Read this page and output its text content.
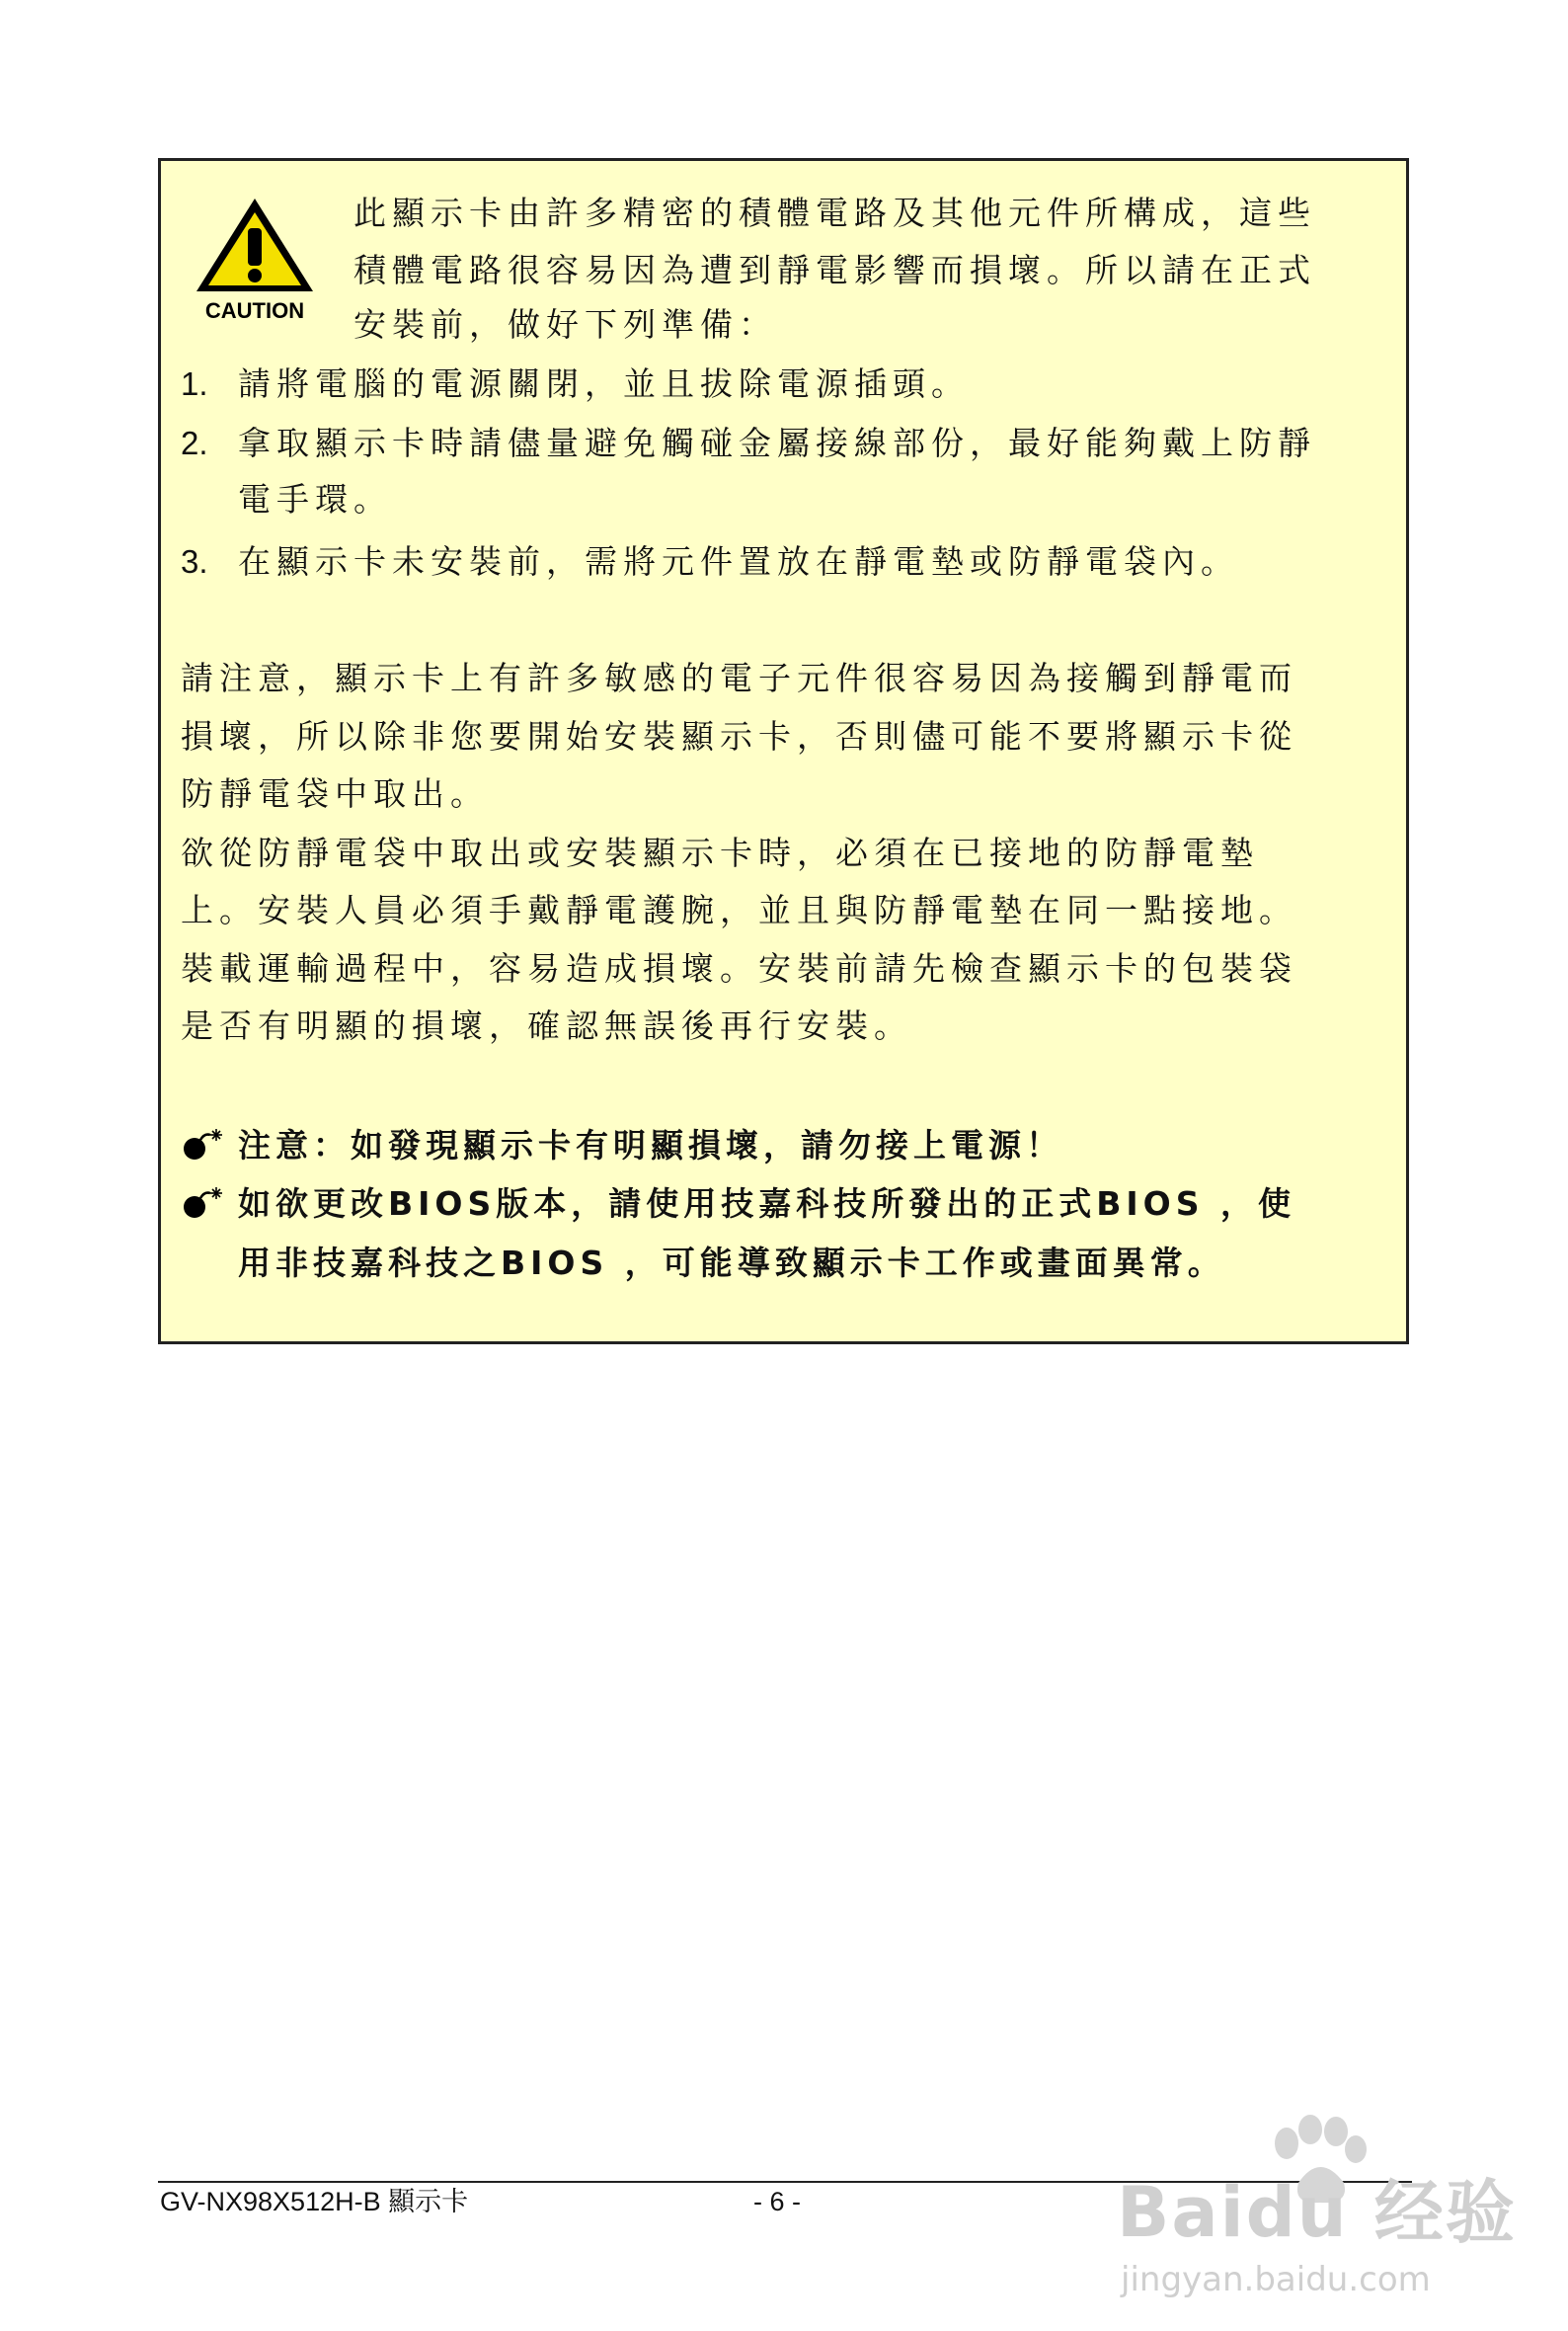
CAUTION
此顯示卡由許多精密的積體電路及其他元件所構成，這些
積體電路很容易因為遭到靜電影響而損壞。所以請在正式
安裝前，做好下列準備：
1. 請將電腦的電源關閉，並且拔除電源插頭。
2. 拿取顯示卡時請儘量避免觸碰金屬接線部份，最好能夠戴上防靜
電手環。
3. 在顯示卡未安裝前，需將元件置放在靜電墊或防靜電袋內。
請注意，顯示卡上有許多敏感的電子元件很容易因為接觸到靜電而
損壞，所以除非您要開始安裝顯示卡，否則儘可能不要將顯示卡從
防靜電袋中取出。
欲從防靜電袋中取出或安裝顯示卡時，必須在已接地的防靜電墊
上。安裝人員必須手戴靜電護腕，並且與防靜電墊在同一點接地。
裝載運輸過程中，容易造成損壞。安裝前請先檢查顯示卡的包裝袋
是否有明顯的損壞，確認無誤後再行安裝。
注意：如發現顯示卡有明顯損壞，請勿接上電源！
如欲更改BIOS版本，請使用技嘉科技所發出的正式BIOS ，使
用非技嘉科技之BIOS ，可能導致顯示卡工作或畫面異常。
GV-NX98X512H-B 顯示卡	- 6 -	Baidu 经验
jingyan.baidu.com
